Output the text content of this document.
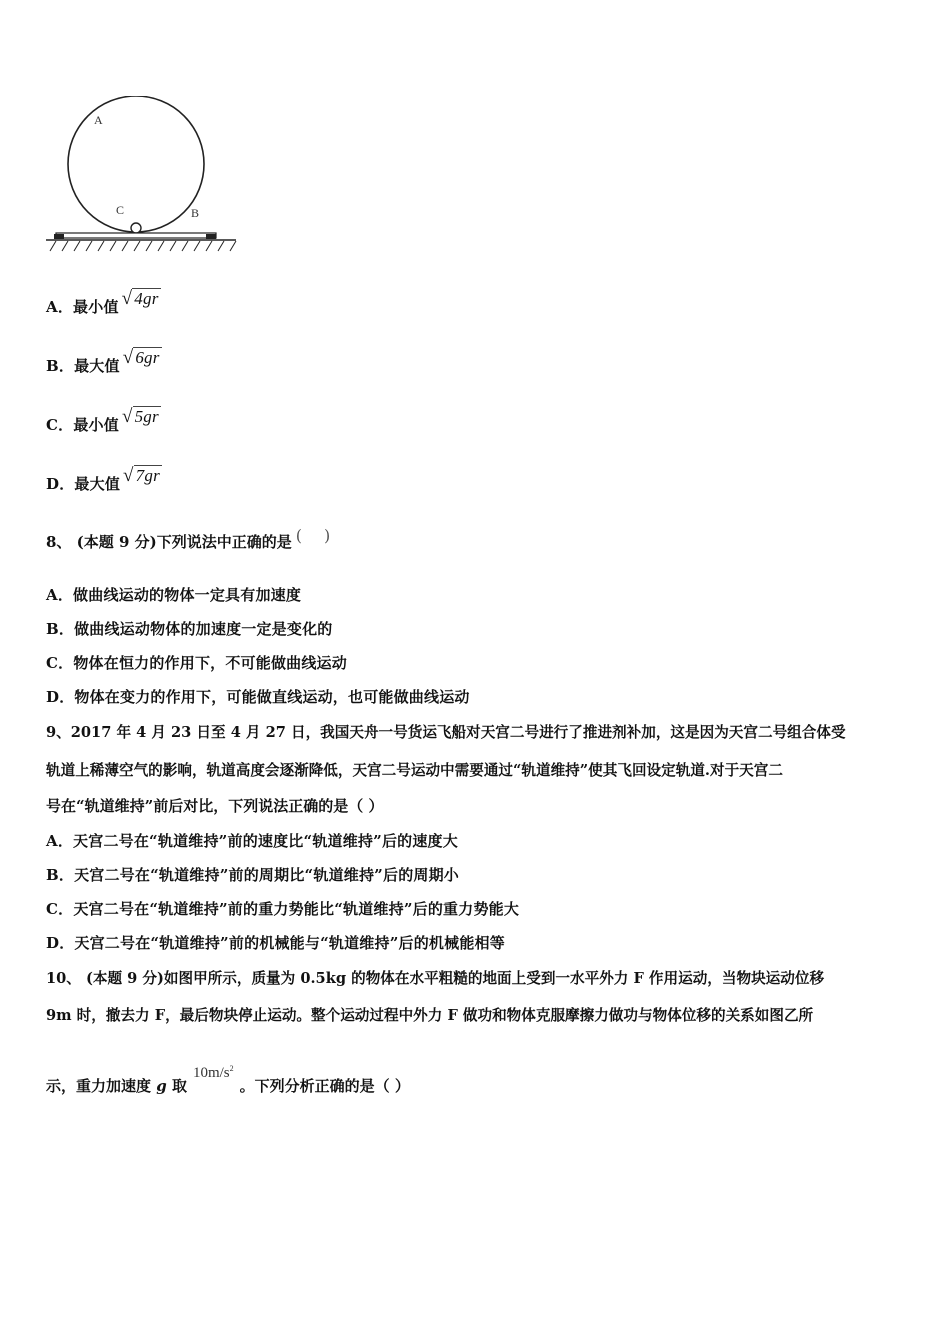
A
C	B
A．最小值 √ 4gr
B．最大值 √ 6gr
C．最小值 √ 5gr
D．最大值 √ 7gr
8、 (本题 9 分)下列说法中正确的是 ()
A．做曲线运动的物体一定具有加速度
B．做曲线运动物体的加速度一定是变化的
C．物体在恒力的作用下，不可能做曲线运动
D．物体在变力的作用下，可能做直线运动，也可能做曲线运动
9、2017 年 4 月 23 日至 4 月 27 日，我国天舟一号货运飞船对天宫二号进行了推进剂补加，这是因为天宫二号组合体受
轨道上稀薄空气的影响，轨道高度会逐渐降低，天宫二号运动中需要通过“轨道维持”使其飞回设定轨道.对于天宫二
号在“轨道维持”前后对比，下列说法正确的是（ ）
A．天宫二号在“轨道维持”前的速度比“轨道维持”后的速度大
B．天宫二号在“轨道维持”前的周期比“轨道维持”后的周期小
C．天宫二号在“轨道维持”前的重力势能比“轨道维持”后的重力势能大
D．天宫二号在“轨道维持”前的机械能与“轨道维持”后的机械能相等
10、 (本题 9 分)如图甲所示，质量为 0.5kg 的物体在水平粗糙的地面上受到一水平外力 F 作用运动，当物块运动位移
9m 时，撤去力 F，最后物块停止运动。整个运动过程中外力 F 做功和物体克服摩擦力做功与物体位移的关系如图乙所
示，重力加速度 g 取$10m/s^2$。下列分析正确的是（ ）
